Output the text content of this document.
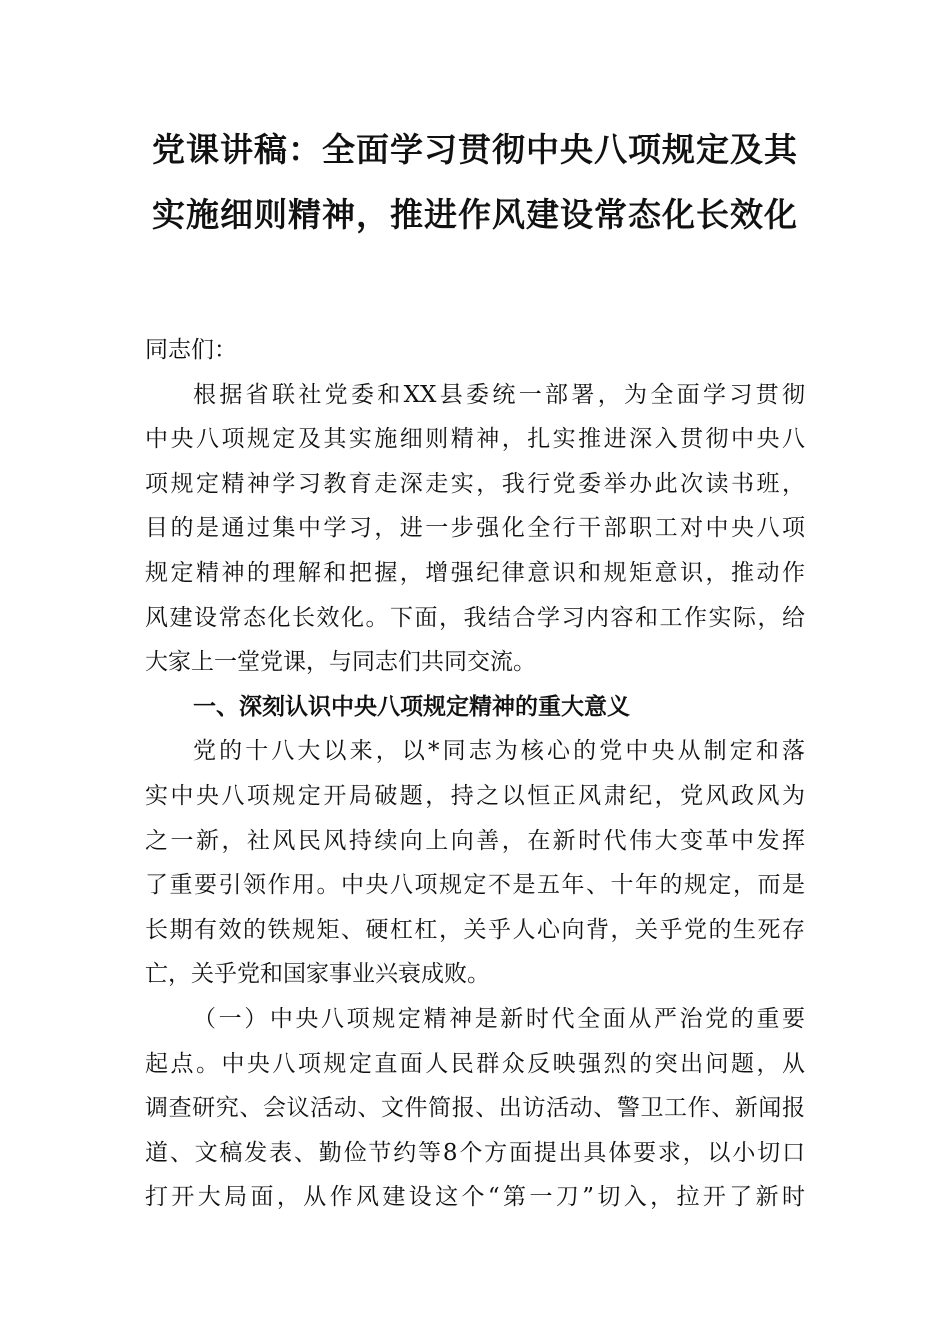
党课讲稿：全面学习贯彻中央八项规定及其
实施细则精神，推进作风建设常态化长效化
同志们：
根据省联社党委和XX县委统一部署，为全面学习贯彻
中央八项规定及其实施细则精神，扎实推进深入贯彻中央八
项规定精神学习教育走深走实，我行党委举办此次读书班，
目的是通过集中学习，进一步强化全行干部职工对中央八项
规定精神的理解和把握，增强纪律意识和规矩意识，推动作
风建设常态化长效化。下面，我结合学习内容和工作实际，给
大家上一堂党课，与同志们共同交流。
一、深刻认识中央八项规定精神的重大意义
党的十八大以来，以*同志为核心的党中央从制定和落
实中央八项规定开局破题，持之以恒正风肃纪，党风政风为
之一新，社风民风持续向上向善，在新时代伟大变革中发挥
了重要引领作用。中央八项规定不是五年、十年的规定，而是
长期有效的铁规矩、硬杠杠，关乎人心向背，关乎党的生死存
亡，关乎党和国家事业兴衰成败。
（一）中央八项规定精神是新时代全面从严治党的重要
起点。中央八项规定直面人民群众反映强烈的突出问题，从
调查研究、会议活动、文件简报、出访活动、警卫工作、新闻报
道、文稿发表、勤俭节约等8个方面提出具体要求，以小切口
打开大局面，从作风建设这个“第一刀”切入，拉开了新时
